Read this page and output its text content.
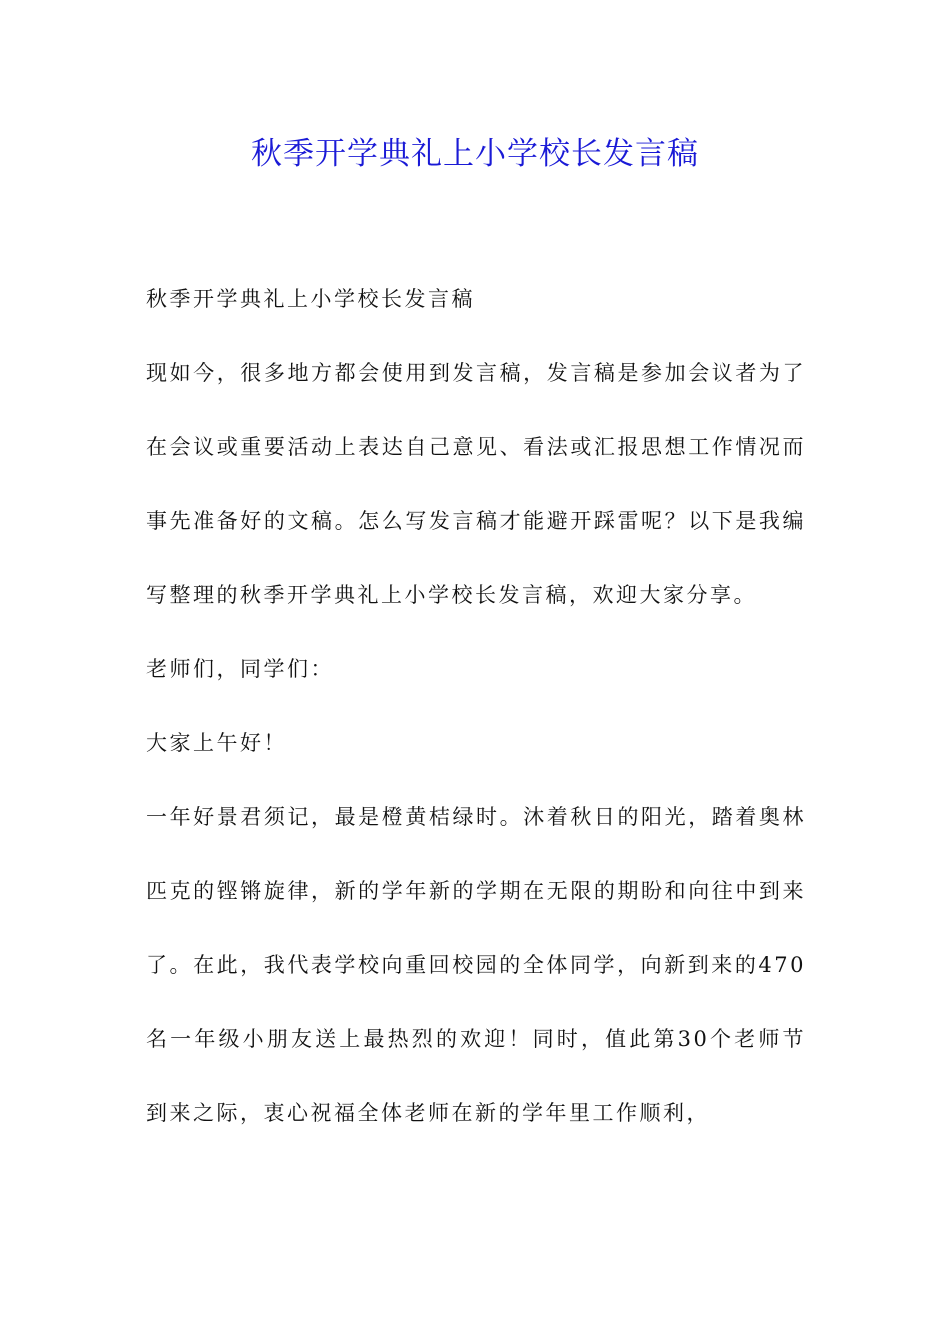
秋季开学典礼上小学校长发言稿

秋季开学典礼上小学校长发言稿

现如今，很多地方都会使用到发言稿，发言稿是参加会议者为了在会议或重要活动上表达自己意见、看法或汇报思想工作情况而事先准备好的文稿。怎么写发言稿才能避开踩雷呢？以下是我编写整理的秋季开学典礼上小学校长发言稿，欢迎大家分享。

老师们，同学们：

大家上午好！

一年好景君须记，最是橙黄桔绿时。沐着秋日的阳光，踏着奥林匹克的铿锵旋律，新的学年新的学期在无限的期盼和向往中到来了。在此，我代表学校向重回校园的全体同学，向新到来的470名一年级小朋友送上最热烈的欢迎！同时，值此第30个老师节到来之际，衷心祝福全体老师在新的学年里工作顺利，
